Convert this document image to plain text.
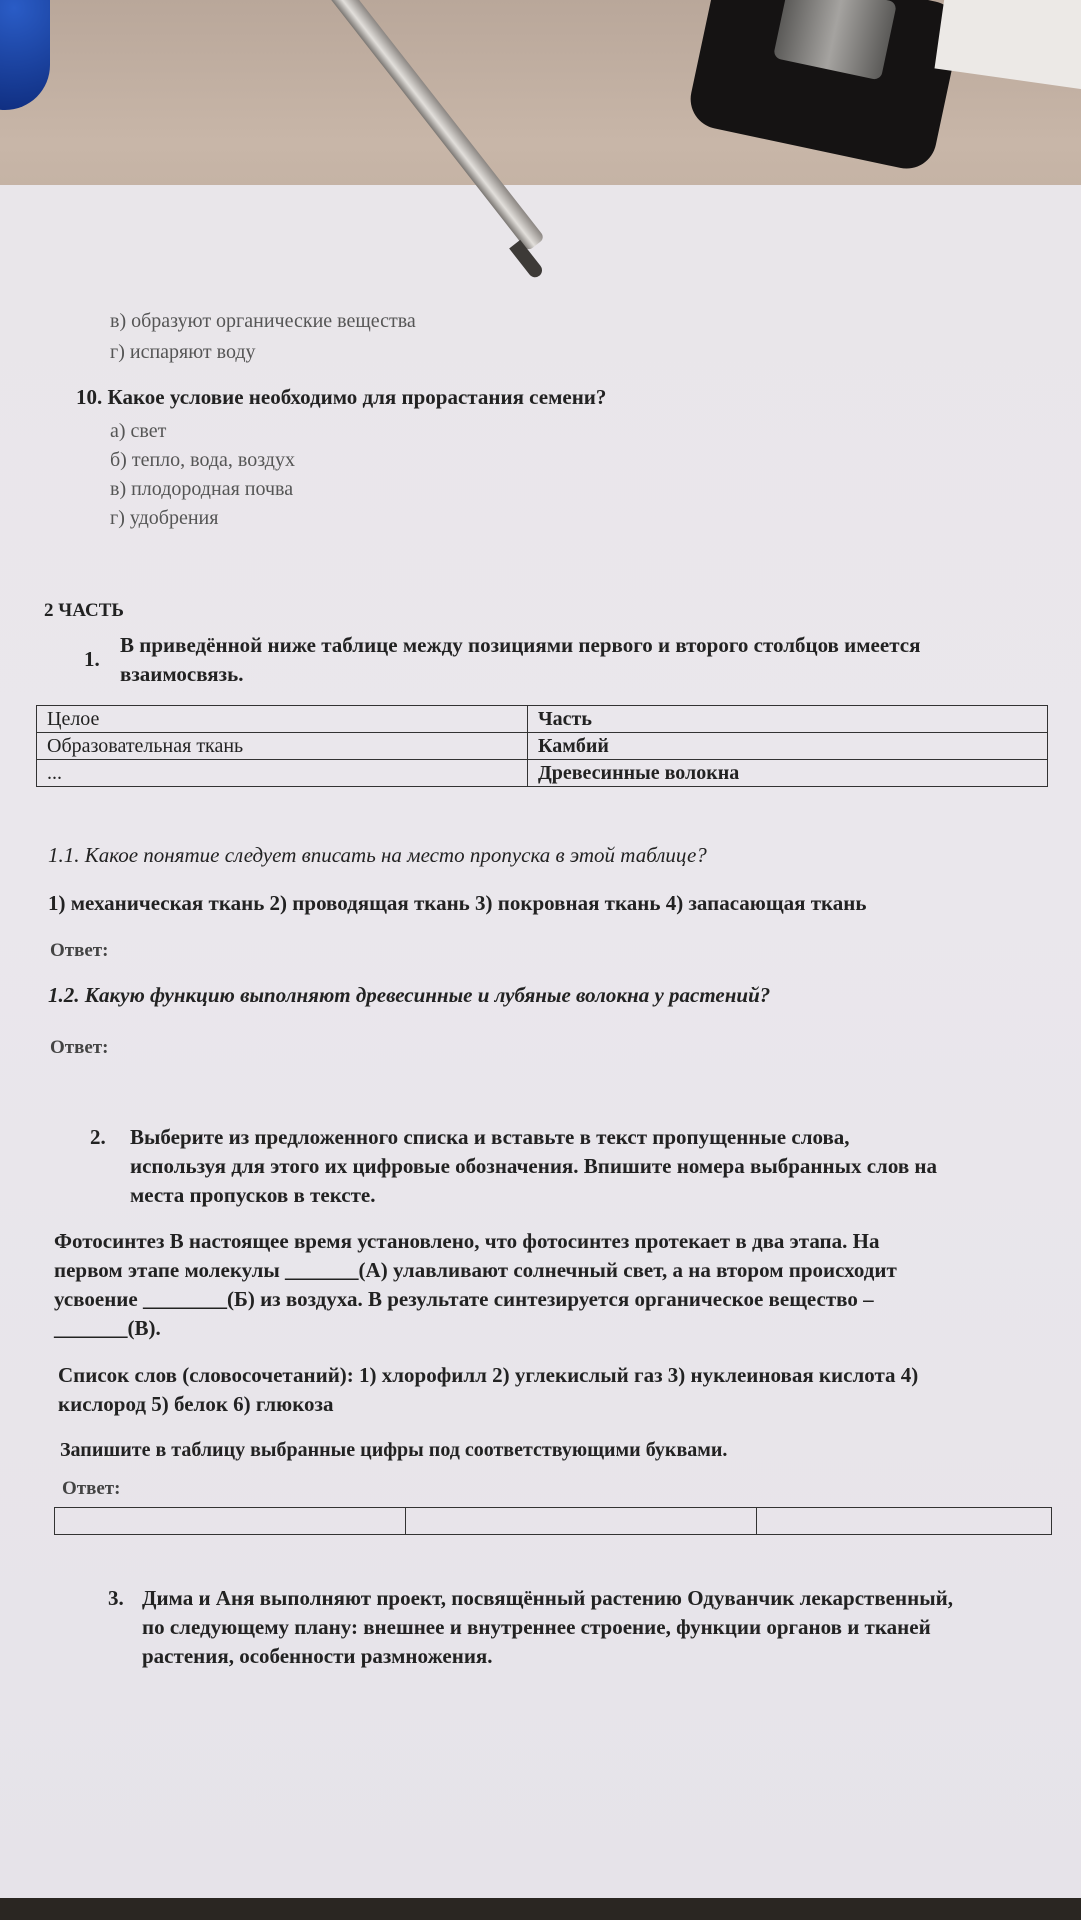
в) образуют органические вещества
г) испаряют воду
10. Какое условие необходимо для прорастания семени?
а) свет
б) тепло, вода, воздух
в) плодородная почва
г) удобрения
2 ЧАСТЬ
1.
В приведённой ниже таблице между позициями первого и второго столбцов имеется
взаимосвязь.
Целое	Часть
Образовательная ткань	Камбий
...	Древесинные волокна
1.1. Какое понятие следует вписать на место пропуска в этой таблице?
1) механическая ткань 2) проводящая ткань 3) покровная ткань 4) запасающая ткань
Ответ:
1.2. Какую функцию выполняют древесинные и лубяные волокна у растений?
Ответ:
2. Выберите из предложенного списка и вставьте в текст пропущенные слова,
используя для этого их цифровые обозначения. Впишите номера выбранных слов на
места пропусков в тексте.
Фотосинтез В настоящее время установлено, что фотосинтез протекает в два этапа. На
первом этапе молекулы _______(А) улавливают солнечный свет, а на втором происходит
усвоение ________(Б) из воздуха. В результате синтезируется органическое вещество –
_______(В).
Список слов (словосочетаний): 1) хлорофилл 2) углекислый газ 3) нуклеиновая кислота 4)
кислород 5) белок 6) глюкоза
Запишите в таблицу выбранные цифры под соответствующими буквами.
Ответ:

3. Дима и Аня выполняют проект, посвящённый растению Одуванчик лекарственный,
по следующему плану: внешнее и внутреннее строение, функции органов и тканей
растения, особенности размножения.
